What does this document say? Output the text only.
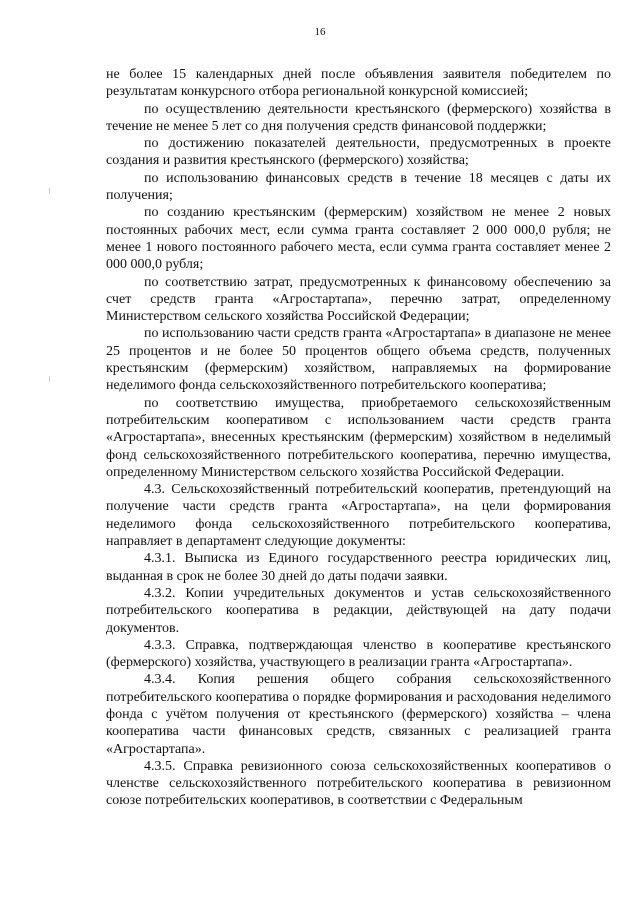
16

не более 15 календарных дней после объявления заявителя победителем по результатам конкурсного отбора региональной конкурсной комиссией;

по осуществлению деятельности крестьянского (фермерского) хозяйства в течение не менее 5 лет со дня получения средств финансовой поддержки;

по достижению показателей деятельности, предусмотренных в проекте создания и развития крестьянского (фермерского) хозяйства;

по использованию финансовых средств в течение 18 месяцев с даты их получения;

по созданию крестьянским (фермерским) хозяйством не менее 2 новых постоянных рабочих мест, если сумма гранта составляет 2 000 000,0 рубля; не менее 1 нового постоянного рабочего места, если сумма гранта составляет менее 2 000 000,0 рубля;

по соответствию затрат, предусмотренных к финансовому обеспечению за счет средств гранта «Агростартапа», перечню затрат, определенному Министерством сельского хозяйства Российской Федерации;

по использованию части средств гранта «Агростартапа» в диапазоне не менее 25 процентов и не более 50 процентов общего объема средств, полученных крестьянским (фермерским) хозяйством, направляемых на формирование неделимого фонда сельскохозяйственного потребительского кооператива;

по соответствию имущества, приобретаемого сельскохозяйственным потребительским кооперативом с использованием части средств гранта «Агростартапа», внесенных крестьянским (фермерским) хозяйством в неделимый фонд сельскохозяйственного потребительского кооператива, перечню имущества, определенному Министерством сельского хозяйства Российской Федерации.

4.3. Сельскохозяйственный потребительский кооператив, претендующий на получение части средств гранта «Агростартапа», на цели формирования неделимого фонда сельскохозяйственного потребительского кооператива, направляет в департамент следующие документы:

4.3.1. Выписка из Единого государственного реестра юридических лиц, выданная в срок не более 30 дней до даты подачи заявки.

4.3.2. Копии учредительных документов и устав сельскохозяйственного потребительского кооператива в редакции, действующей на дату подачи документов.

4.3.3. Справка, подтверждающая членство в кооперативе крестьянского (фермерского) хозяйства, участвующего в реализации гранта «Агростартапа».

4.3.4. Копия решения общего собрания сельскохозяйственного потребительского кооператива о порядке формирования и расходования неделимого фонда с учётом получения от крестьянского (фермерского) хозяйства – члена кооператива части финансовых средств, связанных с реализацией гранта «Агростартапа».

4.3.5. Справка ревизионного союза сельскохозяйственных кооперативов о членстве сельскохозяйственного потребительского кооператива в ревизионном союзе потребительских кооперативов, в соответствии с Федеральным
